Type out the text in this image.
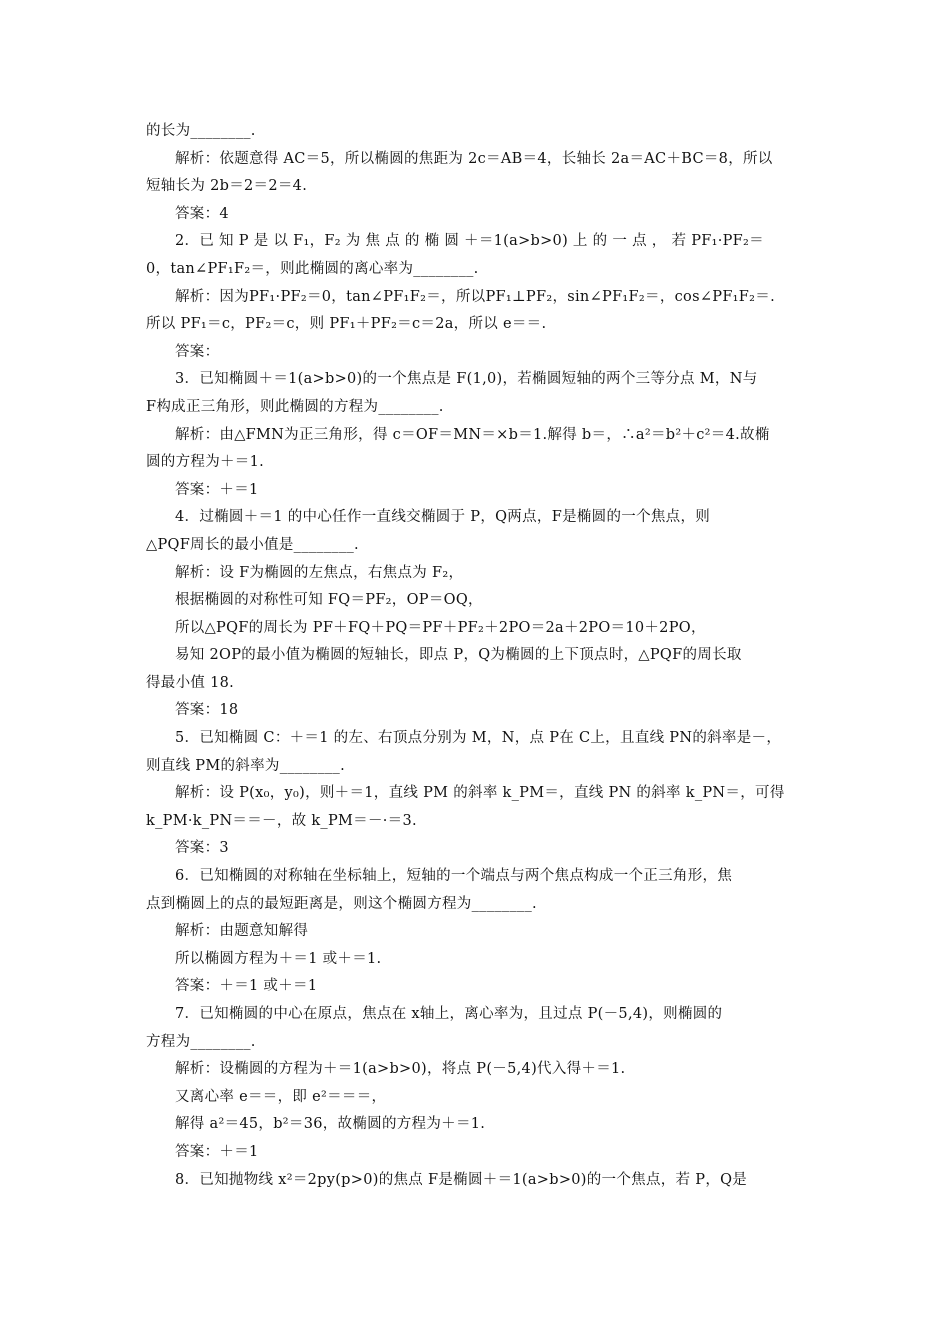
的长为________.
解析：依题意得 AC＝5，所以椭圆的焦距为 2c＝AB＝4，长轴长 2a＝AC＋BC＝8，所以
短轴长为 2b＝2＝2＝4.
答案：4
2．已 知 P 是 以 F₁，F₂ 为 焦 点 的 椭 圆 ＋＝1(a>b>0) 上 的 一 点 ， 若 PF₁·PF₂＝
0，tan∠PF₁F₂＝，则此椭圆的离心率为________.
解析：因为PF₁·PF₂＝0，tan∠PF₁F₂＝，所以PF₁⊥PF₂，sin∠PF₁F₂＝，cos∠PF₁F₂＝.
所以 PF₁＝c，PF₂＝c，则 PF₁＋PF₂＝c＝2a，所以 e＝＝.
答案：
3．已知椭圆＋＝1(a>b>0)的一个焦点是 F(1,0)，若椭圆短轴的两个三等分点 M，N与
F构成正三角形，则此椭圆的方程为________.
解析：由△FMN为正三角形，得 c＝OF＝MN＝×b＝1.解得 b＝，∴a²＝b²＋c²＝4.故椭
圆的方程为＋＝1.
答案：＋＝1
4．过椭圆＋＝1 的中心任作一直线交椭圆于 P，Q两点，F是椭圆的一个焦点，则
△PQF周长的最小值是________.
解析：设 F为椭圆的左焦点，右焦点为 F₂，
根据椭圆的对称性可知 FQ＝PF₂，OP＝OQ，
所以△PQF的周长为 PF＋FQ＋PQ＝PF＋PF₂＋2PO＝2a＋2PO＝10＋2PO，
易知 2OP的最小值为椭圆的短轴长，即点 P，Q为椭圆的上下顶点时，△PQF的周长取
得最小值 18.
答案：18
5．已知椭圆 C：＋＝1 的左、右顶点分别为 M，N，点 P在 C上，且直线 PN的斜率是－，
则直线 PM的斜率为________.
解析：设 P(x₀，y₀)，则＋＝1，直线 PM 的斜率 k_PM＝，直线 PN 的斜率 k_PN＝，可得
k_PM·k_PN＝＝－，故 k_PM＝－·＝3.
答案：3
6．已知椭圆的对称轴在坐标轴上，短轴的一个端点与两个焦点构成一个正三角形，焦
点到椭圆上的点的最短距离是，则这个椭圆方程为________.
解析：由题意知解得
所以椭圆方程为＋＝1 或＋＝1.
答案：＋＝1 或＋＝1
7．已知椭圆的中心在原点，焦点在 x轴上，离心率为，且过点 P(－5,4)，则椭圆的
方程为________.
解析：设椭圆的方程为＋＝1(a>b>0)，将点 P(－5,4)代入得＋＝1.
又离心率 e＝＝，即 e²＝＝＝，
解得 a²＝45，b²＝36，故椭圆的方程为＋＝1.
答案：＋＝1
8．已知抛物线 x²＝2py(p>0)的焦点 F是椭圆＋＝1(a>b>0)的一个焦点，若 P，Q是
